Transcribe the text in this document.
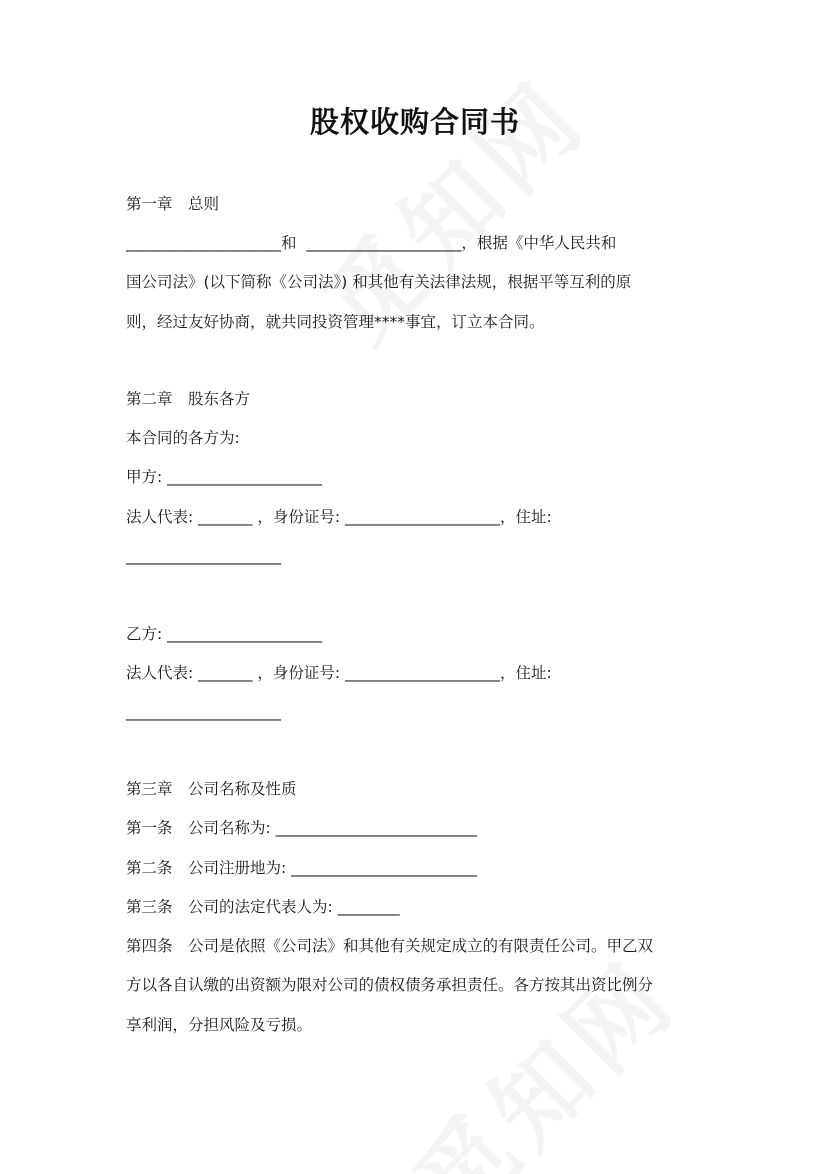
股权收购合同书
第一章　总则
____________________和  ____________________，根据《中华人民共和
国公司法》(以下简称《公司法》) 和其他有关法律法规，根据平等互利的原
则，经过友好协商，就共同投资管理****事宜，订立本合同。
第二章　股东各方
本合同的各方为:
甲方: ____________________
法人代表: _______ ，身份证号: ____________________，住址:
____________________
乙方: ____________________
法人代表: _______ ，身份证号: ____________________，住址:
____________________
第三章　公司名称及性质
第一条　公司名称为: __________________________
第二条　公司注册地为: ________________________
第三条　公司的法定代表人为: ________
第四条　公司是依照《公司法》和其他有关规定成立的有限责任公司。甲乙双
方以各自认缴的出资额为限对公司的债权债务承担责任。各方按其出资比例分
享利润，分担风险及亏损。
